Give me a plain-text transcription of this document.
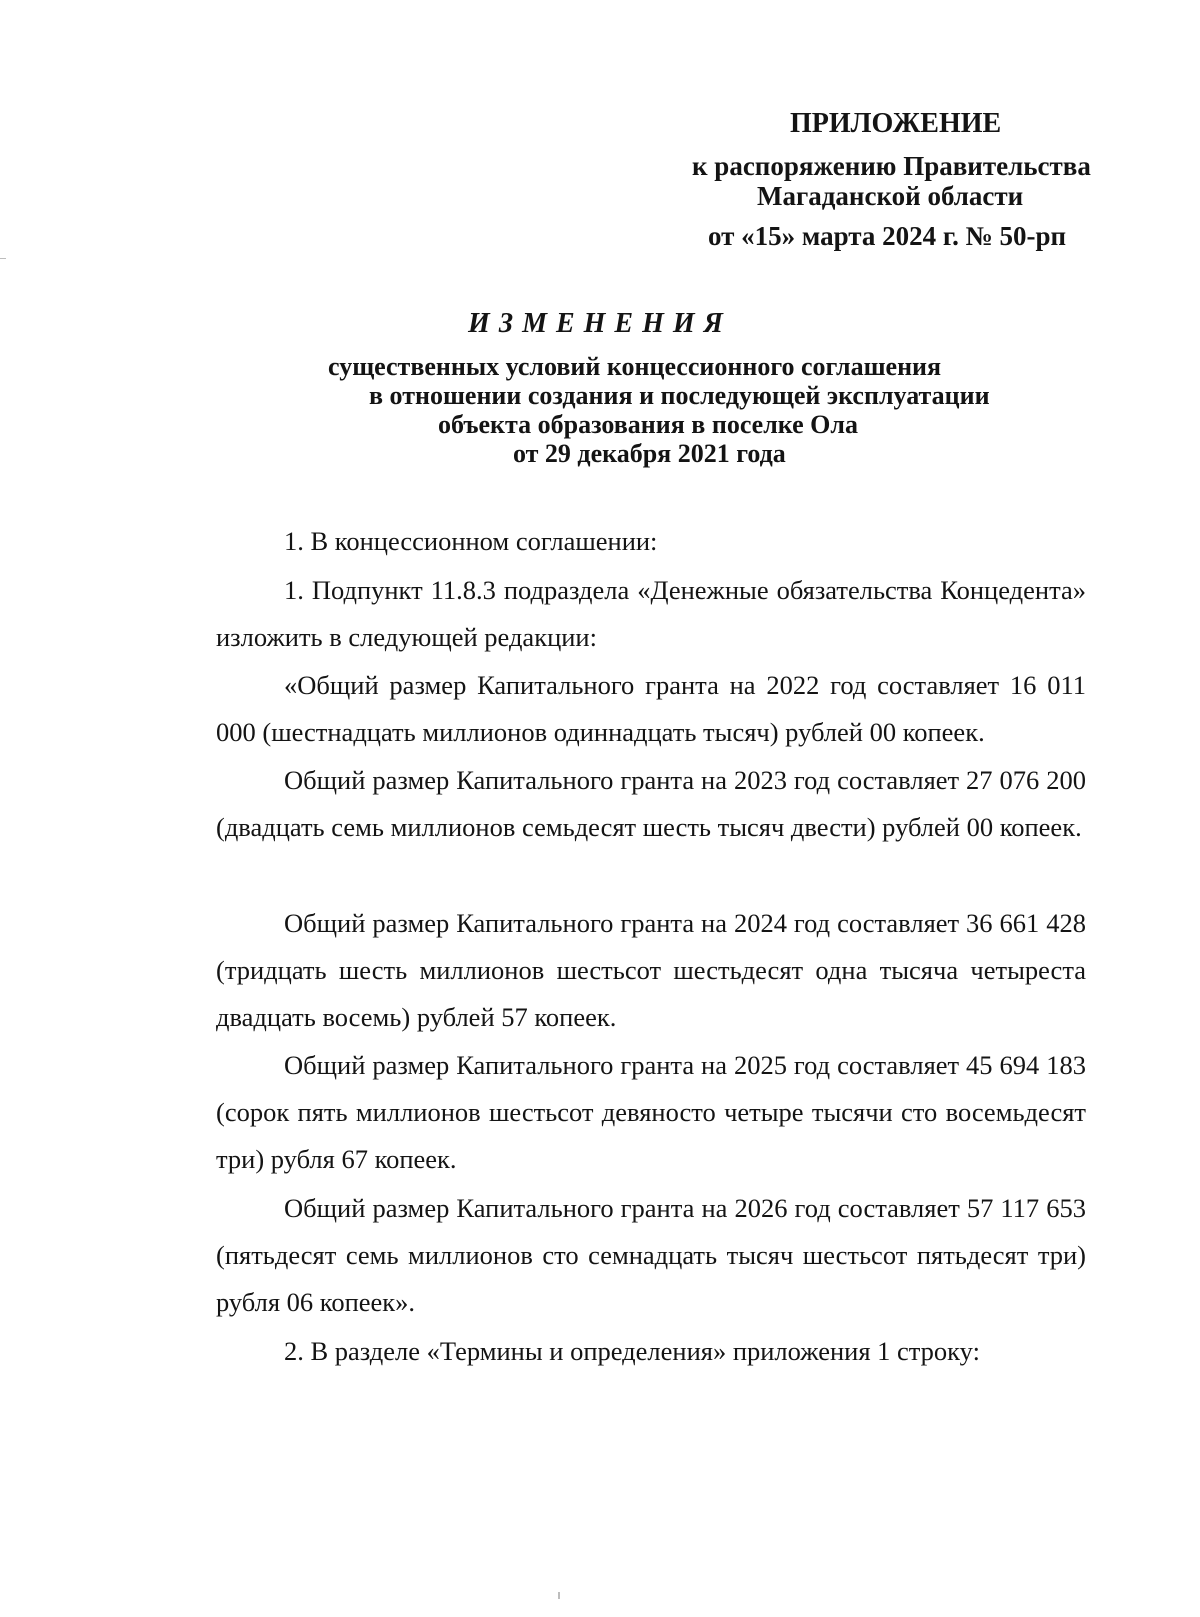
ПРИЛОЖЕНИЕ
к распоряжению Правительства
Магаданской области
от «15» марта 2024 г. № 50-рп
ИЗМЕНЕНИЯ
существенных условий концессионного соглашения
в отношении создания и последующей эксплуатации
объекта образования в поселке Ола
от 29 декабря 2021 года
1. В концессионном соглашении:
1. Подпункт 11.8.3 подраздела «Денежные обязательства Концедента» изложить в следующей редакции:
«Общий размер Капитального гранта на 2022 год составляет 16 011 000 (шестнадцать миллионов одиннадцать тысяч) рублей 00 копеек.
Общий размер Капитального гранта на 2023 год составляет 27 076 200 (двадцать семь миллионов семьдесят шесть тысяч двести) рублей 00 копеек.
Общий размер Капитального гранта на 2024 год составляет 36 661 428 (тридцать шесть миллионов шестьсот шестьдесят одна тысяча четыреста двадцать восемь) рублей 57 копеек.
Общий размер Капитального гранта на 2025 год составляет 45 694 183 (сорок пять миллионов шестьсот девяносто четыре тысячи сто восемьдесят три) рубля 67 копеек.
Общий размер Капитального гранта на 2026 год составляет 57 117 653 (пятьдесят семь миллионов сто семнадцать тысяч шестьсот пятьдесят три) рубля 06 копеек».
2. В разделе «Термины и определения» приложения 1 строку:
